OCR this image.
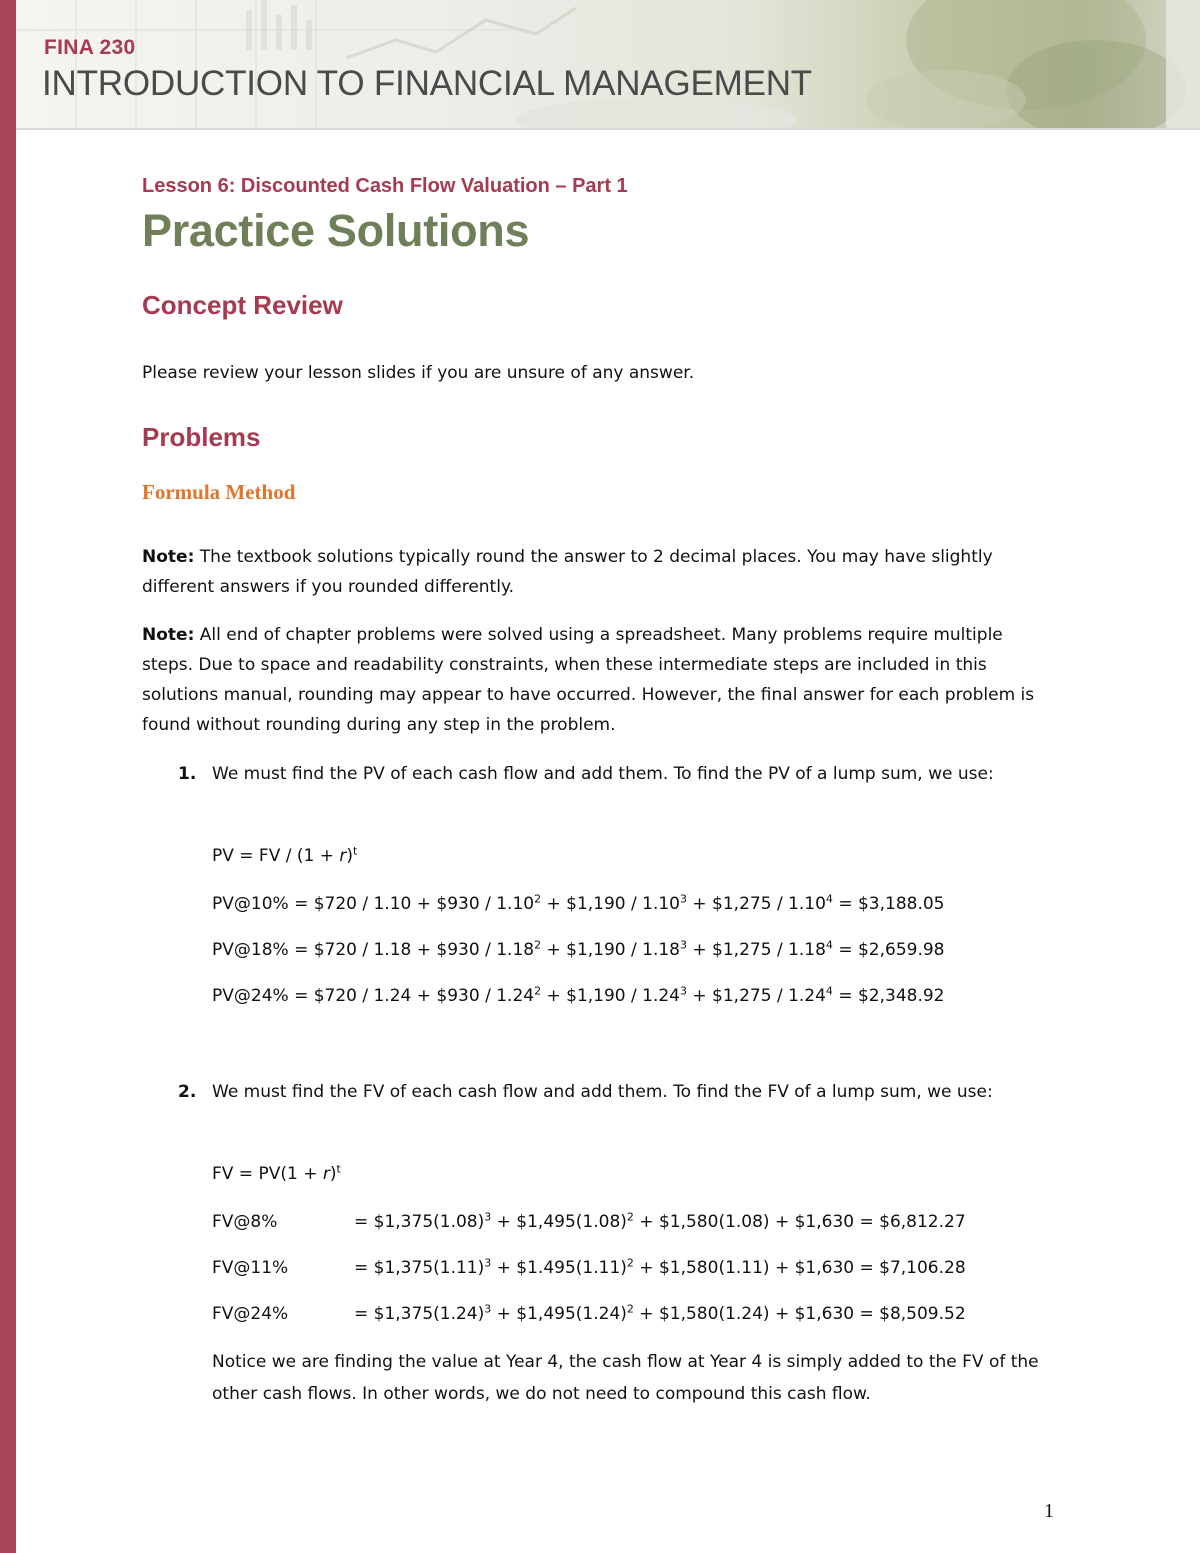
FINA 230
INTRODUCTION TO FINANCIAL MANAGEMENT
Lesson 6: Discounted Cash Flow Valuation – Part 1
Practice Solutions
Concept Review

Please review your lesson slides if you are unsure of any answer.

Problems
Formula Method

Note: The textbook solutions typically round the answer to 2 decimal places. You may have slightly different answers if you rounded differently.

Note: All end of chapter problems were solved using a spreadsheet. Many problems require multiple steps. Due to space and readability constraints, when these intermediate steps are included in this solutions manual, rounding may appear to have occurred. However, the final answer for each problem is found without rounding during any step in the problem.

1. We must find the PV of each cash flow and add them. To find the PV of a lump sum, we use:
PV = FV / $(1 + r)^t$
PV@10% = $720 / 1.10 + $930 / $1.10^2$ + $1,190 / $1.10^3$ + $1,275 / $1.10^4$ = $3,188.05
PV@18% = $720 / 1.18 + $930 / $1.18^2$ + $1,190 / $1.18^3$ + $1,275 / $1.18^4$ = $2,659.98
PV@24% = $720 / 1.24 + $930 / $1.24^2$ + $1,190 / $1.24^3$ + $1,275 / $1.24^4$ = $2,348.92
2. We must find the FV of each cash flow and add them. To find the FV of a lump sum, we use:
FV = $PV(1 + r)^t$
FV@8%	= $\$1,375(1.08)^3$ + $\$1,495(1.08)^2$ + $1,580(1.08) + $1,630 = $6,812.27
FV@11%	= $\$1,375(1.11)^3$ + $\$1.495(1.11)^2$ + $1,580(1.11) + $1,630 = $7,106.28
FV@24%	= $\$1,375(1.24)^3$ + $\$1,495(1.24)^2$ + $1,580(1.24) + $1,630 = $8,509.52

Notice we are finding the value at Year 4, the cash flow at Year 4 is simply added to the FV of the other cash flows. In other words, we do not need to compound this cash flow.

1
